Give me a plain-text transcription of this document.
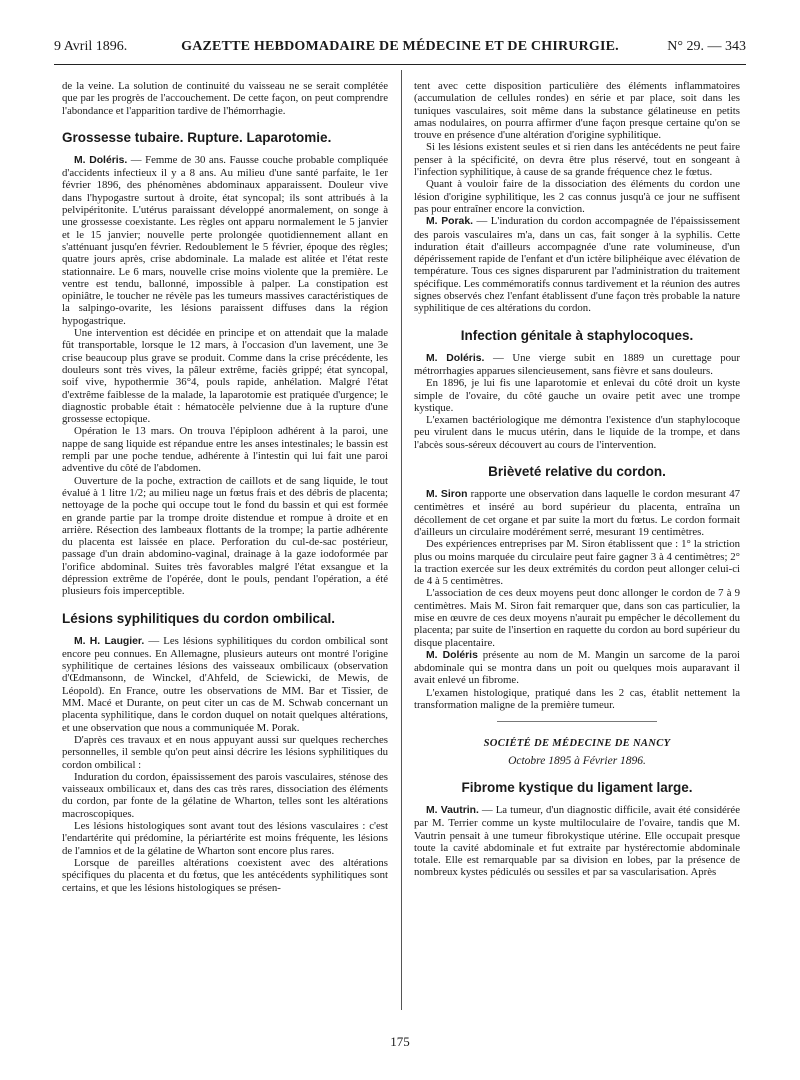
9 Avril 1896.	GAZETTE HEBDOMADAIRE DE MÉDECINE ET DE CHIRURGIE.	N° 29. — 343

de la veine. La solution de continuité du vaisseau ne se serait complétée que par les progrès de l'accouchement. De cette façon, on peut comprendre l'abondance et l'apparition tardive de l'hémorrhagie.

Grossesse tubaire. Rupture. Laparotomie.

M. Doléris. — Femme de 30 ans. Fausse couche probable compliquée d'accidents infectieux il y a 8 ans. Au milieu d'une santé parfaite, le 1er février 1896, des phénomènes abdominaux apparaissent. Douleur vive dans l'hypogastre surtout à droite, état syncopal; ils sont attribués à la pelvipéritonite. L'utérus paraissant développé anormalement, on songe à une grossesse coexistante. Les règles ont apparu normalement le 5 janvier et le 15 janvier; nouvelle perte prolongée quotidiennement allant en s'atténuant jusqu'en février. Redoublement le 5 février, époque des règles; quatre jours après, crise abdominale. La malade est alitée et l'état reste stationnaire. Le 6 mars, nouvelle crise moins violente que la première. Le ventre est tendu, ballonné, impossible à palper. La constipation est opiniâtre, le toucher ne révèle pas les tumeurs massives caractéristiques de la salpingo-ovarite, les lésions paraissent diffuses dans la région hypogastrique.

Une intervention est décidée en principe et on attendait que la malade fût transportable, lorsque le 12 mars, à l'occasion d'un lavement, une 3e crise beaucoup plus grave se produit. Comme dans la crise précédente, les douleurs sont très vives, la pâleur extrême, faciès grippé; état syncopal, soif vive, hypothermie 36°4, pouls rapide, anhélation. Malgré l'état d'extrême faiblesse de la malade, la laparotomie est pratiquée d'urgence; le diagnostic probable était : hématocèle pelvienne due à la rupture d'une grossesse ectopique.

Opération le 13 mars. On trouva l'épiploon adhérent à la paroi, une nappe de sang liquide est répandue entre les anses intestinales; le bassin est rempli par une poche tendue, adhérente à l'intestin qui lui fait une paroi adventive du côté de l'abdomen.

Ouverture de la poche, extraction de caillots et de sang liquide, le tout évalué à 1 litre 1/2; au milieu nage un fœtus frais et des débris de placenta; nettoyage de la poche qui occupe tout le fond du bassin et qui est formée en grande partie par la trompe droite distendue et rompue à droite et en arrière. Résection des lambeaux flottants de la trompe; la partie adhérente du placenta est laissée en place. Perforation du cul-de-sac postérieur, passage d'un drain abdomino-vaginal, drainage à la gaze iodoformée par l'orifice abdominal. Suites très favorables malgré l'état exsangue et la dépression extrême de l'opérée, dont le pouls, pendant l'opération, a été plusieurs fois imperceptible.

Lésions syphilitiques du cordon ombilical.

M. H. Laugier. — Les lésions syphilitiques du cordon ombilical sont encore peu connues. En Allemagne, plusieurs auteurs ont montré l'origine syphilitique de certaines lésions des vaisseaux ombilicaux (observation d'Œdmansonn, de Winckel, d'Ahfeld, de Sciewicki, de Mewis, de Léopold). En France, outre les observations de MM. Bar et Tissier, de MM. Macé et Durante, on peut citer un cas de M. Schwab concernant un placenta syphilitique, dans le cordon duquel on notait quelques altérations, et une observation que nous a communiquée M. Porak.

D'après ces travaux et en nous appuyant aussi sur quelques recherches personnelles, il semble qu'on peut ainsi décrire les lésions syphilitiques du cordon ombilical :

Induration du cordon, épaississement des parois vasculaires, sténose des vaisseaux ombilicaux et, dans des cas très rares, dissociation des éléments du cordon, par fonte de la gélatine de Wharton, telles sont les altérations macroscopiques.

Les lésions histologiques sont avant tout des lésions vasculaires : c'est l'endartérite qui prédomine, la périartérite est moins fréquente, les lésions de l'amnios et de la gélatine de Wharton sont encore plus rares.

Lorsque de pareilles altérations coexistent avec des altérations spécifiques du placenta et du fœtus, que les antécédents syphilitiques sont certains, et que les lésions histologiques se présen-

tent avec cette disposition particulière des éléments inflammatoires (accumulation de cellules rondes) en série et par place, soit dans les tuniques vasculaires, soit même dans la substance gélatineuse en petits amas nodulaires, on pourra affirmer d'une façon presque certaine qu'on se trouve en présence d'une altération d'origine syphilitique.

Si les lésions existent seules et si rien dans les antécédents ne peut faire penser à la spécificité, on devra être plus réservé, tout en songeant à l'infection syphilitique, à cause de sa grande fréquence chez le fœtus.

Quant à vouloir faire de la dissociation des éléments du cordon une lésion d'origine syphilitique, les 2 cas connus jusqu'à ce jour ne suffisent pas pour entraîner encore la conviction.

M. Porak. — L'induration du cordon accompagnée de l'épaississement des parois vasculaires m'a, dans un cas, fait songer à la syphilis. Cette induration était d'ailleurs accompagnée d'une rate volumineuse, d'un dépérissement rapide de l'enfant et d'un ictère biliphéique avec élévation de température. Tous ces signes disparurent par l'administration du traitement spécifique. Les commémoratifs connus tardivement et la réunion des autres signes observés chez l'enfant établissent d'une façon très probable la nature syphilitique de ces altérations du cordon.

Infection génitale à staphylocoques.

M. Doléris. — Une vierge subit en 1889 un curettage pour métrorrhagies apparues silencieusement, sans fièvre et sans douleurs.

En 1896, je lui fis une laparotomie et enlevai du côté droit un kyste simple de l'ovaire, du côté gauche un ovaire petit avec une trompe kystique.

L'examen bactériologique me démontra l'existence d'un staphylocoque peu virulent dans le mucus utérin, dans le liquide de la trompe, et dans l'abcès sous-séreux découvert au cours de l'intervention.

Brièveté relative du cordon.

M. Siron rapporte une observation dans laquelle le cordon mesurant 47 centimètres et inséré au bord supérieur du placenta, entraîna un décollement de cet organe et par suite la mort du fœtus. Le cordon formait d'ailleurs un circulaire modérément serré, mesurant 19 centimètres.

Des expériences entreprises par M. Siron établissent que : 1° la striction plus ou moins marquée du circulaire peut faire gagner 3 à 4 centimètres; 2° la traction exercée sur les deux extrémités du cordon peut allonger celui-ci de 4 à 5 centimètres.

L'association de ces deux moyens peut donc allonger le cordon de 7 à 9 centimètres. Mais M. Siron fait remarquer que, dans son cas particulier, la mise en œuvre de ces deux moyens n'aurait pu empêcher le décollement du placenta; par suite de l'insertion en raquette du cordon au bord supérieur du disque placentaire.

M. Doléris présente au nom de M. Mangin un sarcome de la paroi abdominale qui se montra dans un poit ou quelques mois auparavant il avait enlevé un fibrome.

L'examen histologique, pratiqué dans les 2 cas, établit nettement la transformation maligne de la première tumeur.

SOCIÉTÉ DE MÉDECINE DE NANCY
Octobre 1895 à Février 1896.
Fibrome kystique du ligament large.

M. Vautrin. — La tumeur, d'un diagnostic difficile, avait été considérée par M. Terrier comme un kyste multiloculaire de l'ovaire, tandis que M. Vautrin pensait à une tumeur fibrokystique utérine. Elle occupait presque toute la cavité abdominale et fut extraite par hystérectomie abdominale totale. Elle est remarquable par sa division en lobes, par la présence de nombreux kystes pédiculés ou sessiles et par sa vascularisation. Après

175
